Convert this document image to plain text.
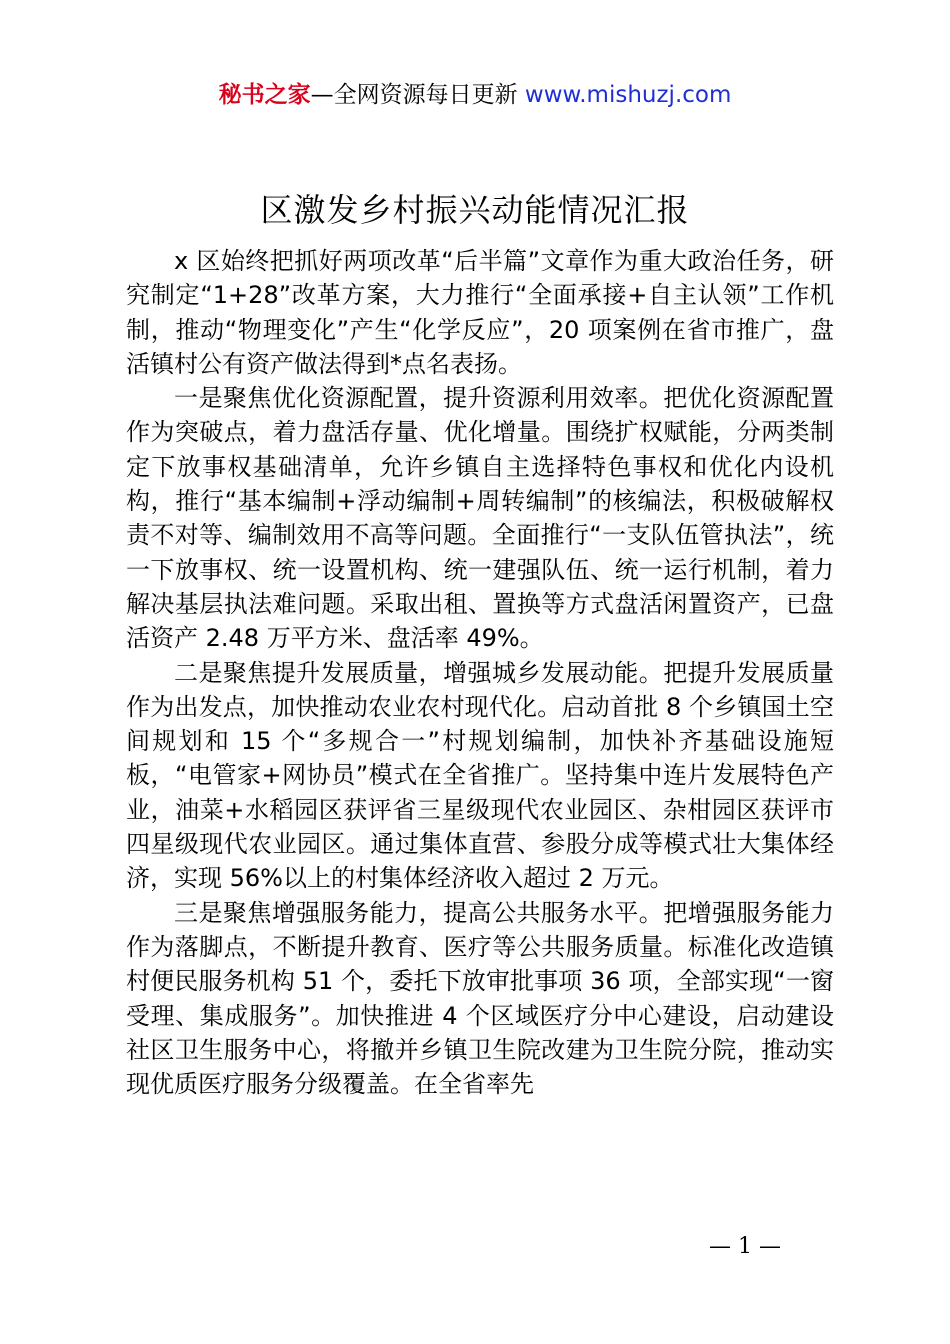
秘书之家—全网资源每日更新 www.mishuzj.com
区激发乡村振兴动能情况汇报

x 区始终把抓好两项改革“后半篇”文章作为重大政治任务，研究制定“1+28”改革方案，大力推行“全面承接+自主认领”工作机制，推动“物理变化”产生“化学反应”，20 项案例在省市推广，盘活镇村公有资产做法得到*点名表扬。

一是聚焦优化资源配置，提升资源利用效率。把优化资源配置作为突破点，着力盘活存量、优化增量。围绕扩权赋能，分两类制定下放事权基础清单，允许乡镇自主选择特色事权和优化内设机构，推行“基本编制+浮动编制+周转编制”的核编法，积极破解权责不对等、编制效用不高等问题。全面推行“一支队伍管执法”，统一下放事权、统一设置机构、统一建强队伍、统一运行机制，着力解决基层执法难问题。采取出租、置换等方式盘活闲置资产，已盘活资产 2.48 万平方米、盘活率 49%。

二是聚焦提升发展质量，增强城乡发展动能。把提升发展质量作为出发点，加快推动农业农村现代化。启动首批 8 个乡镇国土空间规划和 15 个“多规合一”村规划编制，加快补齐基础设施短板，“电管家+网协员”模式在全省推广。坚持集中连片发展特色产业，油菜+水稻园区获评省三星级现代农业园区、杂柑园区获评市四星级现代农业园区。通过集体直营、参股分成等模式壮大集体经济，实现 56%以上的村集体经济收入超过 2 万元。

三是聚焦增强服务能力，提高公共服务水平。把增强服务能力作为落脚点，不断提升教育、医疗等公共服务质量。标准化改造镇村便民服务机构 51 个，委托下放审批事项 36 项，全部实现“一窗受理、集成服务”。加快推进 4 个区域医疗分中心建设，启动建设社区卫生服务中心，将撤并乡镇卫生院改建为卫生院分院，推动实现优质医疗服务分级覆盖。在全省率先

— 1 —
